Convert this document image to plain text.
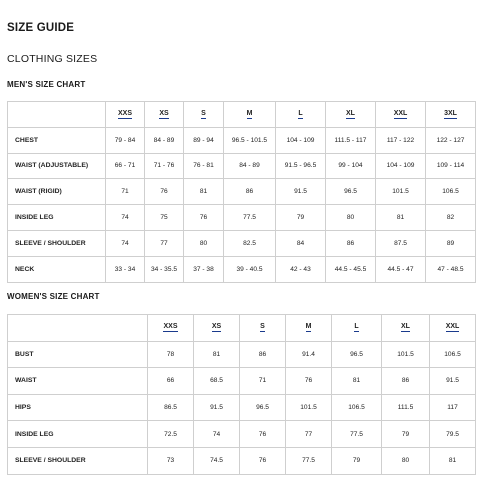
SIZE GUIDE
CLOTHING SIZES
MEN'S SIZE CHART
	XXS	XS	S	M	L	XL	XXL	3XL
CHEST	79 - 84	84 - 89	89 - 94	96.5 - 101.5	104 - 109	111.5 - 117	117 - 122	122 - 127
WAIST (ADJUSTABLE)	66 - 71	71 - 76	76 - 81	84 - 89	91.5 - 96.5	99 - 104	104 - 109	109 - 114
WAIST (RIGID)	71	76	81	86	91.5	96.5	101.5	106.5
INSIDE LEG	74	75	76	77.5	79	80	81	82
SLEEVE / SHOULDER	74	77	80	82.5	84	86	87.5	89
NECK	33 - 34	34 - 35.5	37 - 38	39 - 40.5	42 - 43	44.5 - 45.5	44.5 - 47	47 - 48.5
WOMEN'S SIZE CHART
	XXS	XS	S	M	L	XL	XXL
BUST	78	81	86	91.4	96.5	101.5	106.5
WAIST	66	68.5	71	76	81	86	91.5
HIPS	86.5	91.5	96.5	101.5	106.5	111.5	117
INSIDE LEG	72.5	74	76	77	77.5	79	79.5
SLEEVE / SHOULDER	73	74.5	76	77.5	79	80	81
